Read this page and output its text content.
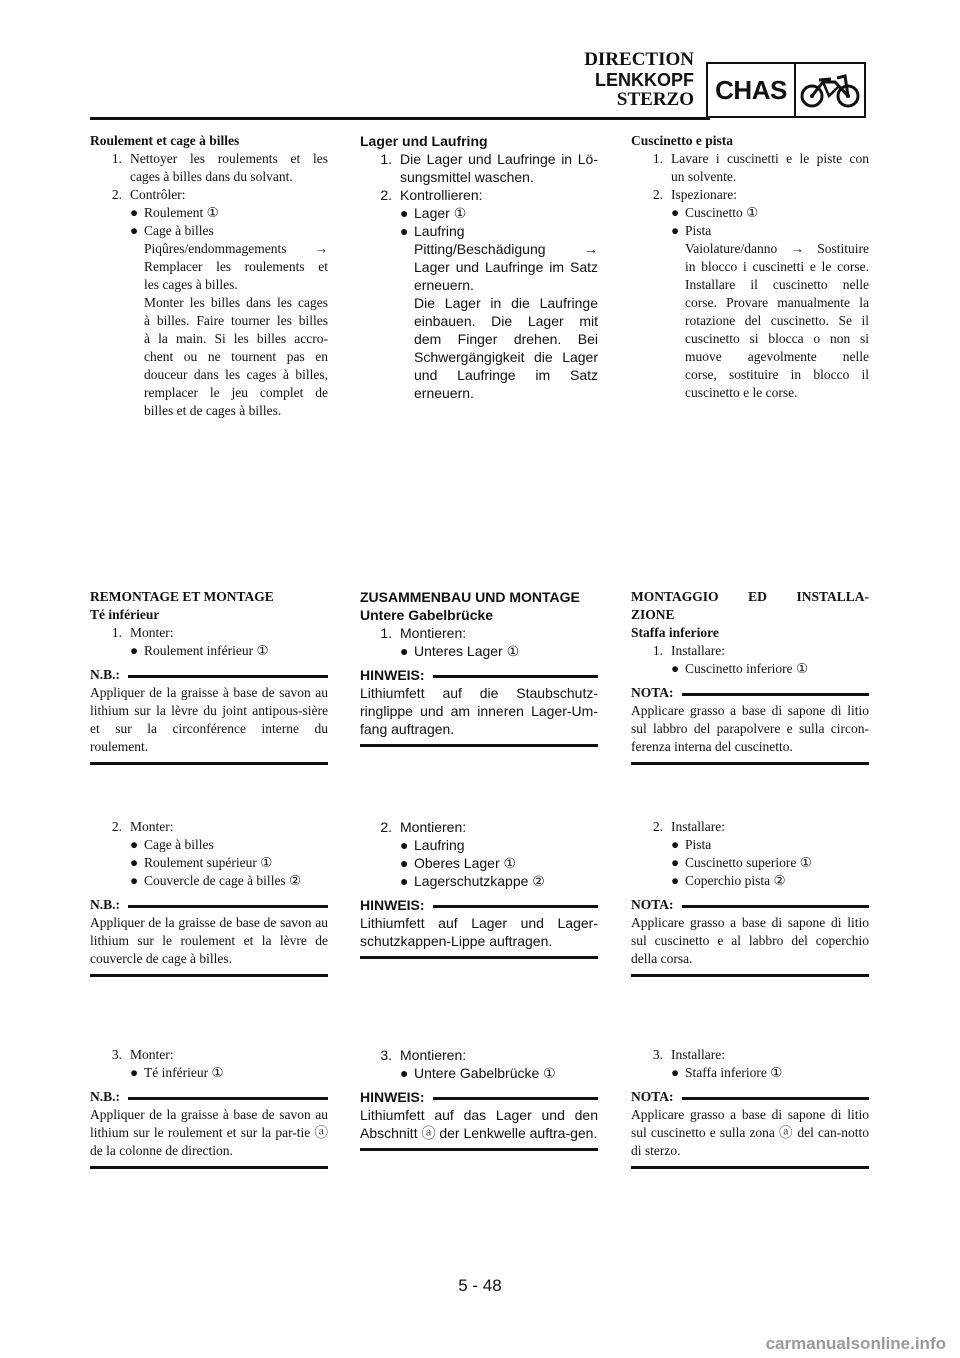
DIRECTION
LENKKOPF
STERZO CHAS
Roulement et cage à billes
1. Nettoyer les roulements et les
cages à billes dans du solvant.
2. Contrôler:
● Roulement ①
● Cage à billes
Piqûres/endommagements →
Remplacer les roulements et
les cages à billes.
Monter les billes dans les cages
à billes. Faire tourner les billes
à la main. Si les billes accro-
chent ou ne tournent pas en
douceur dans les cages à billes,
remplacer le jeu complet de
billes et de cages à billes.
Lager und Laufring
1. Die Lager und Laufringe in Lö-
sungsmittel waschen.
2. Kontrollieren:
● Lager ①
● Laufring
Pitting/Beschädigung →
Lager und Laufringe im Satz
erneuern.
Die Lager in die Laufringe
einbauen. Die Lager mit
dem Finger drehen. Bei
Schwergängigkeit die Lager
und Laufringe im Satz
erneuern.
Cuscinetto e pista
1. Lavare i cuscinetti e le piste con
un solvente.
2. Ispezionare:
● Cuscinetto ①
● Pista
Vaiolature/danno → Sostituire
in blocco i cuscinetti e le corse.
Installare il cuscinetto nelle
corse. Provare manualmente la
rotazione del cuscinetto. Se il
cuscinetto si blocca o non si
muove agevolmente nelle
corse, sostituire in blocco il
cuscinetto e le corse.
REMONTAGE ET MONTAGE
Té inférieur
1. Monter:
● Roulement inférieur ①
N.B.:
Appliquer de la graisse à base de savon au lithium sur la lèvre du joint antipous-sière et sur la circonférence interne du roulement.
ZUSAMMENBAU UND MONTAGE
Untere Gabelbrücke
1. Montieren:
● Unteres Lager ①
HINWEIS:
Lithiumfett auf die Staubschutz-ringlippe und am inneren Lager-Um-fang auftragen.
MONTAGGIO ED INSTALLA-
ZIONE
Staffa inferiore
1. Installare:
● Cuscinetto inferiore ①
NOTA:
Applicare grasso a base di sapone di litio sul labbro del parapolvere e sulla circon-ferenza interna del cuscinetto.
2. Monter:
● Cage à billes
● Roulement supérieur ①
● Couvercle de cage à billes ②
N.B.:
Appliquer de la graisse de base de savon au lithium sur le roulement et la lèvre de couvercle de cage à billes.
2. Montieren:
● Laufring
● Oberes Lager ①
● Lagerschutzkappe ②
HINWEIS:
Lithiumfett auf Lager und Lager-schutzkappen-Lippe auftragen.
2. Installare:
● Pista
● Cuscinetto superiore ①
● Coperchio pista ②
NOTA:
Applicare grasso a base di sapone di litio sul cuscinetto e al labbro del coperchio della corsa.
3. Monter:
● Té inférieur ①
N.B.:
Appliquer de la graisse à base de savon au lithium sur le roulement et sur la par-tie ⓐ de la colonne de direction.
3. Montieren:
● Untere Gabelbrücke ①
HINWEIS:
Lithiumfett auf das Lager und den Abschnitt ⓐ der Lenkwelle auftra-gen.
3. Installare:
● Staffa inferiore ①
NOTA:
Applicare grasso a base di sapone di litio sul cuscinetto e sulla zona ⓐ del can-notto di sterzo.
5 - 48
carmanualsonline.info
